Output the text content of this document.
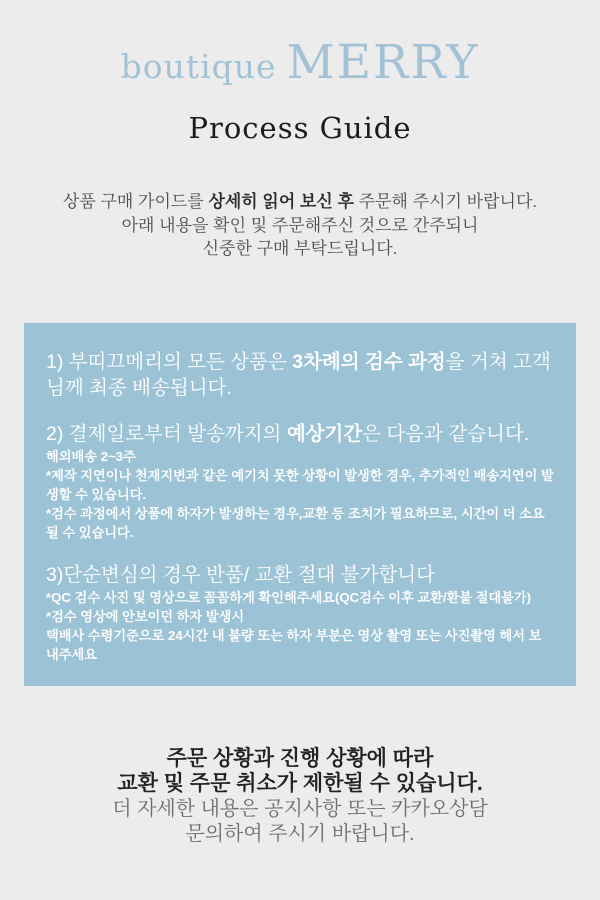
boutique MERRY
Process Guide
상품 구매 가이드를 상세히 읽어 보신 후 주문해 주시기 바랍니다.
아래 내용을 확인 및 주문해주신 것으로 간주되니
신중한 구매 부탁드립니다.
1) 부띠끄메리의 모든 상품은 3차례의 검수 과정을 거쳐 고객님께 최종 배송됩니다.
2) 결제일로부터 발송까지의 예상기간은 다음과 같습니다.
해외배송 2~3주
*제작 지연이나 천재지변과 같은 예기치 못한 상황이 발생한 경우, 추가적인 배송지연이 발생할 수 있습니다.
*검수 과정에서 상품에 하자가 발생하는 경우,교환 등 조치가 필요하므로, 시간이 더 소요될 수 있습니다.
3)단순변심의 경우 반품/ 교환 절대 불가합니다
*QC 검수 사진 및 영상으로 꼼꼼하게 확인해주세요(QC검수 이후 교환/환불 절대불가)
*검수 영상에 안보이던 하자 발생시
택배사 수령기준으로 24시간 내 불량 또는 하자 부분은 영상 촬영 또는 사진촬영 해서 보내주세요
주문 상황과 진행 상황에 따라
교환 및 주문 취소가 제한될 수 있습니다.
더 자세한 내용은 공지사항 또는 카카오상담
문의하여 주시기 바랍니다.
